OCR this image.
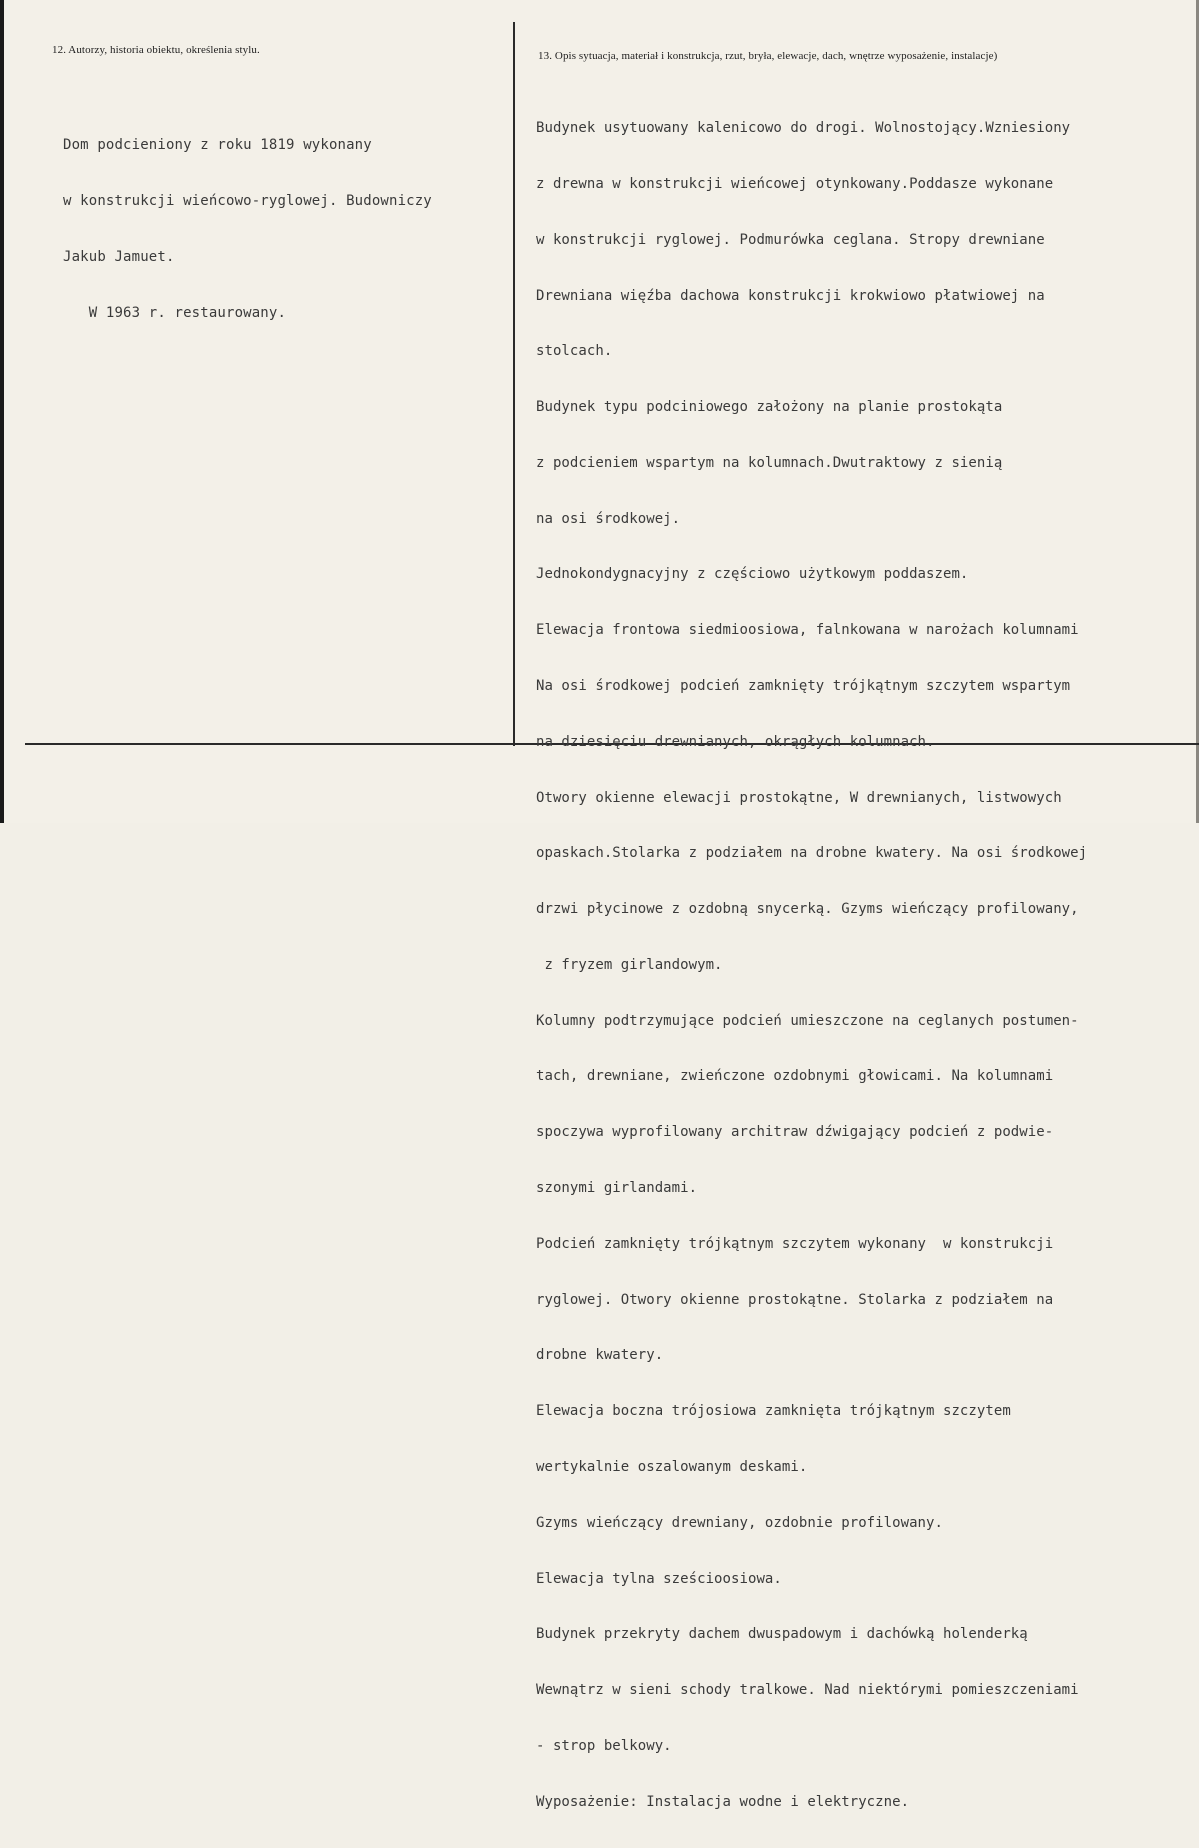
12. Autorzy, historia obiektu, określenia stylu.	13. Opis sytuacja, materiał i konstrukcja, rzut, bryła, elewacje, dach, wnętrze wyposażenie, instalacje)

Dom podcieniony z roku 1819 wykonany

w konstrukcji wieńcowo-ryglowej. Budowniczy

Jakub Jamuet.

W 1963 r. restaurowany.

Budynek usytuowany kalenicowo do drogi. Wolnostojący.Wzniesiony

z drewna w konstrukcji wieńcowej otynkowany.Poddasze wykonane

w konstrukcji ryglowej. Podmurówka ceglana. Stropy drewniane

Drewniana więźba dachowa konstrukcji krokwiowo płatwiowej na

stolcach.

Budynek typu podciniowego założony na planie prostokąta

z podcieniem wspartym na kolumnach.Dwutraktowy z sienią

na osi środkowej.

Jednokondygnacyjny z częściowo użytkowym poddaszem.

Elewacja frontowa siedmioosiowa, falnkowana w narożach kolumnami

Na osi środkowej podcień zamknięty trójkątnym szczytem wspartym

na dziesięciu drewnianych, okrągłych kolumnach.

Otwory okienne elewacji prostokątne, W drewnianych, listwowych

opaskach.Stolarka z podziałem na drobne kwatery. Na osi środkowej

drzwi płycinowe z ozdobną snycerką. Gzyms wieńczący profilowany,

z fryzem girlandowym.

Kolumny podtrzymujące podcień umieszczone na ceglanych postumen-

tach, drewniane, zwieńczone ozdobnymi głowicami. Na kolumnami

spoczywa wyprofilowany architraw dźwigający podcień z podwie-

szonymi girlandami.

Podcień zamknięty trójkątnym szczytem wykonany  w konstrukcji

ryglowej. Otwory okienne prostokątne. Stolarka z podziałem na

drobne kwatery.

Elewacja boczna trójosiowa zamknięta trójkątnym szczytem

wertykalnie oszalowanym deskami.

Gzyms wieńczący drewniany, ozdobnie profilowany.

Elewacja tylna sześcioosiowa.

Budynek przekryty dachem dwuspadowym i dachówką holenderką

Wewnątrz w sieni schody tralkowe. Nad niektórymi pomieszczeniami

- strop belkowy.

Wyposażenie: Instalacja wodne i elektryczne.
